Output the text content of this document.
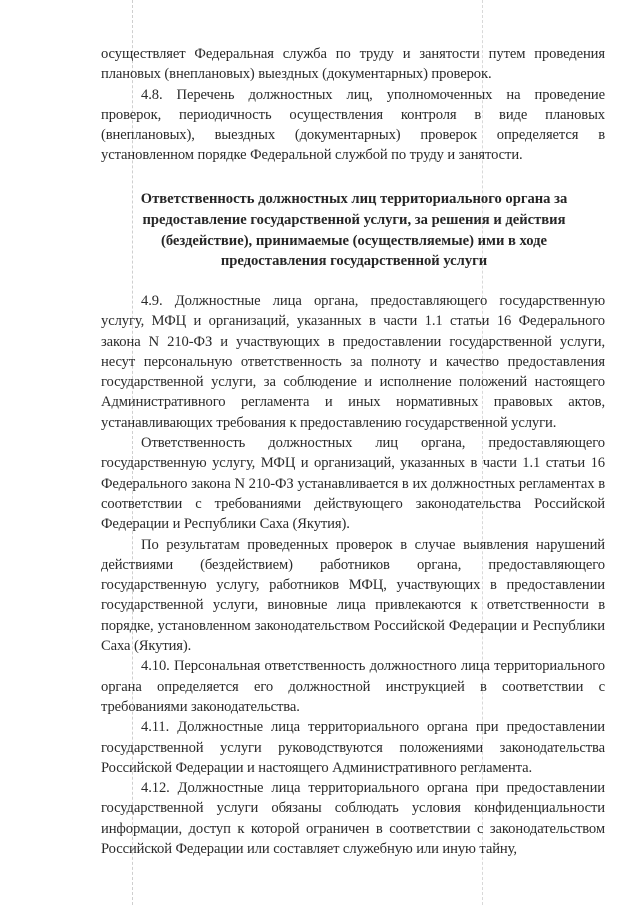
осуществляет Федеральная служба по труду и занятости путем проведения плановых (внеплановых) выездных (документарных) проверок.

4.8. Перечень должностных лиц, уполномоченных на проведение проверок, периодичность осуществления контроля в виде плановых (внеплановых), выездных (документарных) проверок определяется в установленном порядке Федеральной службой по труду и занятости.

Ответственность должностных лиц территориального органа за предоставление государственной услуги, за решения и действия (бездействие), принимаемые (осуществляемые) ими в ходе предоставления государственной услуги

4.9. Должностные лица органа, предоставляющего государственную услугу, МФЦ и организаций, указанных в части 1.1 статьи 16 Федерального закона N 210-ФЗ и участвующих в предоставлении государственной услуги, несут персональную ответственность за полноту и качество предоставления государственной услуги, за соблюдение и исполнение положений настоящего Административного регламента и иных нормативных правовых актов, устанавливающих требования к предоставлению государственной услуги.

Ответственность должностных лиц органа, предоставляющего государственную услугу, МФЦ и организаций, указанных в части 1.1 статьи 16 Федерального закона N 210-ФЗ устанавливается в их должностных регламентах в соответствии с требованиями действующего законодательства Российской Федерации и Республики Саха (Якутия).

По результатам проведенных проверок в случае выявления нарушений действиями (бездействием) работников органа, предоставляющего государственную услугу, работников МФЦ, участвующих в предоставлении государственной услуги, виновные лица привлекаются к ответственности в порядке, установленном законодательством Российской Федерации и Республики Саха (Якутия).

4.10. Персональная ответственность должностного лица территориального органа определяется его должностной инструкцией в соответствии с требованиями законодательства.

4.11. Должностные лица территориального органа при предоставлении государственной услуги руководствуются положениями законодательства Российской Федерации и настоящего Административного регламента.

4.12. Должностные лица территориального органа при предоставлении государственной услуги обязаны соблюдать условия конфиденциальности информации, доступ к которой ограничен в соответствии с законодательством Российской Федерации или составляет служебную или иную тайну,
